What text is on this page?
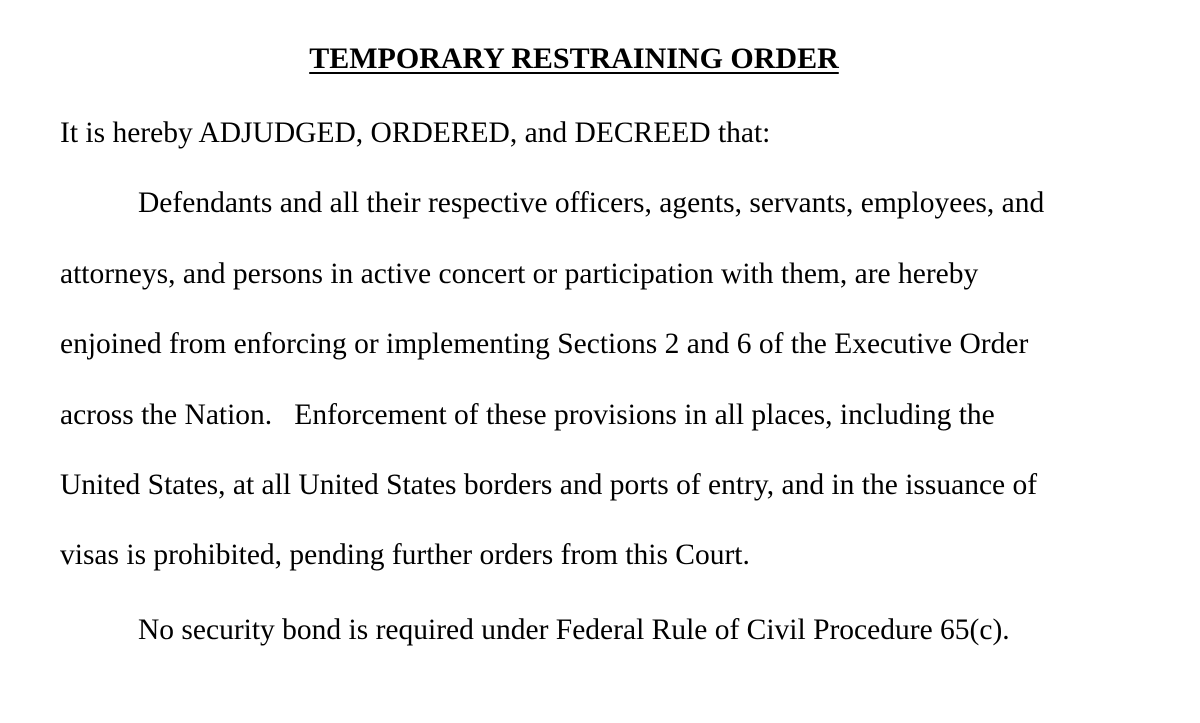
TEMPORARY RESTRAINING ORDER
It is hereby ADJUDGED, ORDERED, and DECREED that:
Defendants and all their respective officers, agents, servants, employees, and
attorneys, and persons in active concert or participation with them, are hereby
enjoined from enforcing or implementing Sections 2 and 6 of the Executive Order
across the Nation.   Enforcement of these provisions in all places, including the
United States, at all United States borders and ports of entry, and in the issuance of
visas is prohibited, pending further orders from this Court.
No security bond is required under Federal Rule of Civil Procedure 65(c).
